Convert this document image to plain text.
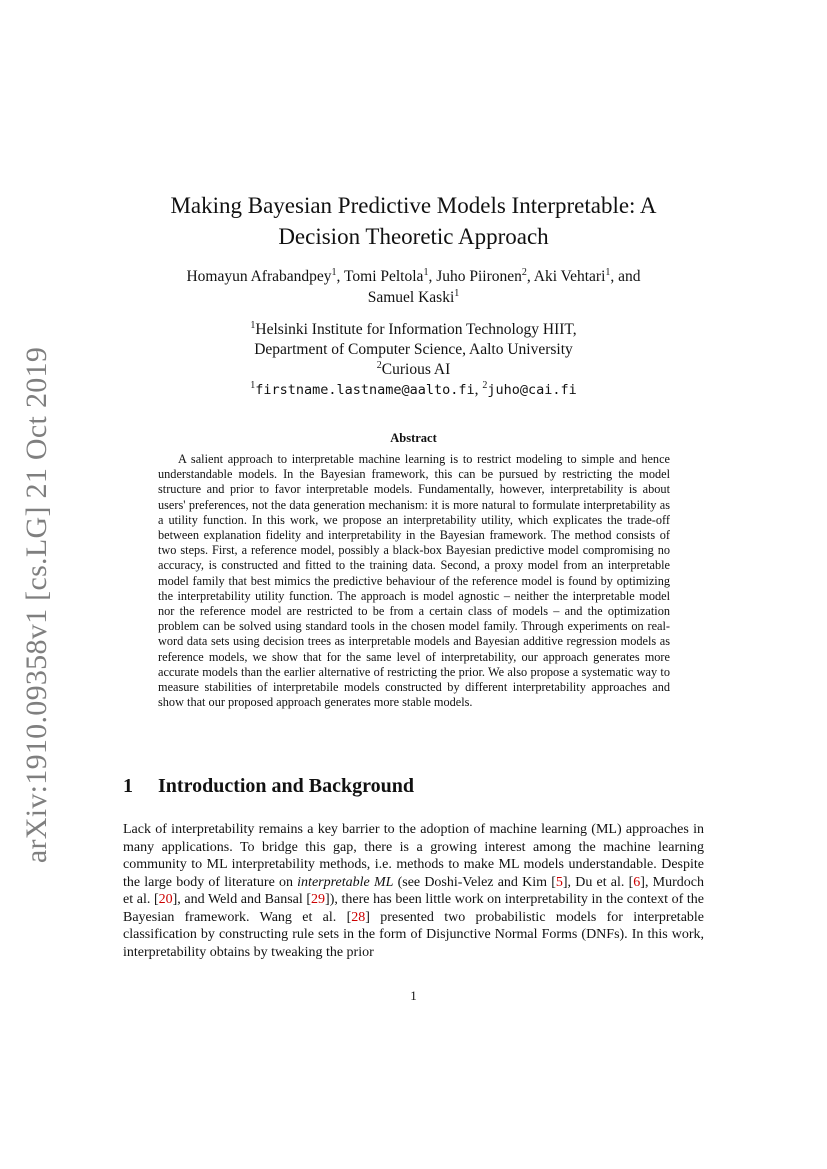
arXiv:1910.09358v1 [cs.LG] 21 Oct 2019
Making Bayesian Predictive Models Interpretable: A Decision Theoretic Approach
Homayun Afrabandpey$^1$, Tomi Peltola$^1$, Juho Piironen$^2$, Aki Vehtari$^1$, and
Samuel Kaski$^1$
$^1$Helsinki Institute for Information Technology HIIT,
Department of Computer Science, Aalto University
$^2$Curious AI
$^1$firstname.lastname@aalto.fi, $^2$juho@cai.fi
Abstract

A salient approach to interpretable machine learning is to restrict modeling to simple and hence understandable models. In the Bayesian framework, this can be pursued by restricting the model structure and prior to favor interpretable models. Fundamentally, however, interpretability is about users' preferences, not the data generation mechanism: it is more natural to formulate interpretability as a utility function. In this work, we propose an interpretability utility, which explicates the trade-off between explanation fidelity and interpretability in the Bayesian framework. The method consists of two steps. First, a reference model, possibly a black-box Bayesian predictive model compromising no accuracy, is constructed and fitted to the training data. Second, a proxy model from an interpretable model family that best mimics the predictive behaviour of the reference model is found by optimizing the interpretability utility function. The approach is model agnostic – neither the interpretable model nor the reference model are restricted to be from a certain class of models – and the optimization problem can be solved using standard tools in the chosen model family. Through experiments on real-word data sets using decision trees as interpretable models and Bayesian additive regression models as reference models, we show that for the same level of interpretability, our approach generates more accurate models than the earlier alternative of restricting the prior. We also propose a systematic way to measure stabilities of interpretabile models constructed by different interpretability approaches and show that our proposed approach generates more stable models.

1 Introduction and Background

Lack of interpretability remains a key barrier to the adoption of machine learning (ML) approaches in many applications. To bridge this gap, there is a growing interest among the machine learning community to ML interpretability methods, i.e. methods to make ML models understandable. Despite the large body of literature on interpretable ML (see Doshi-Velez and Kim [5], Du et al. [6], Murdoch et al. [20], and Weld and Bansal [29]), there has been little work on interpretability in the context of the Bayesian framework. Wang et al. [28] presented two probabilistic models for interpretable classification by constructing rule sets in the form of Disjunctive Normal Forms (DNFs). In this work, interpretability obtains by tweaking the prior

1
